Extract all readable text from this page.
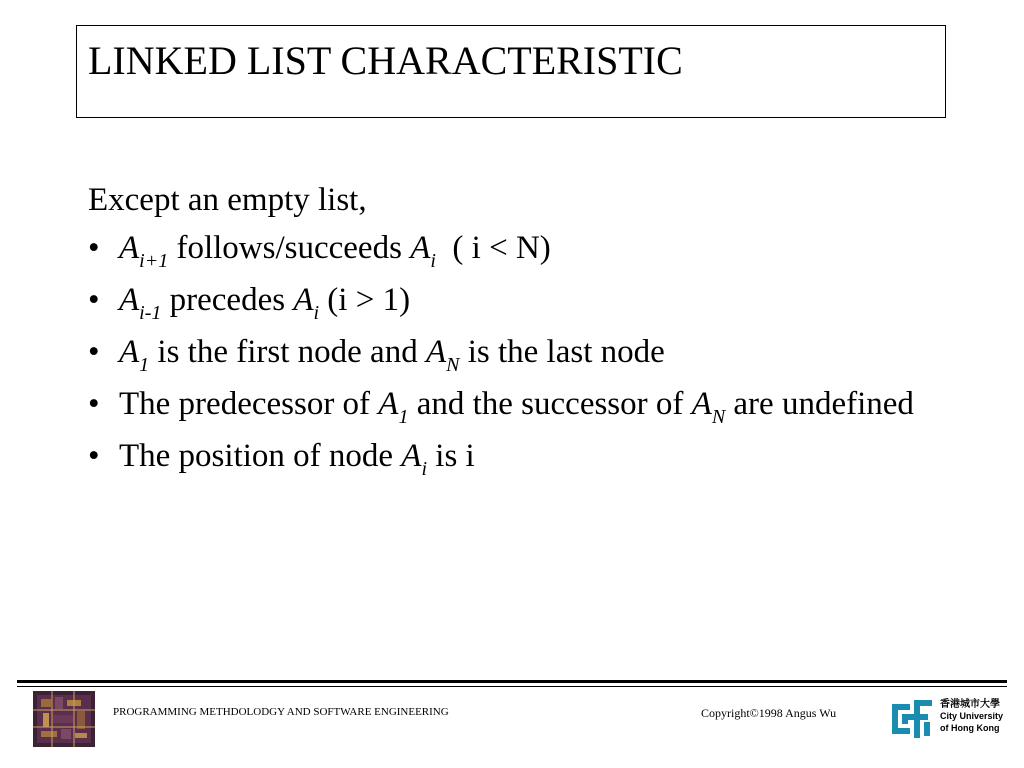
LINKED LIST CHARACTERISTIC
Except an empty list,
• $A_{i+1}$ follows/succeeds $A_i$  ( i < N)
• $A_{i-1}$ precedes $A_i$ (i > 1)
• $A_1$ is the first node and $A_N$ is the last node
• The predecessor of $A_1$ and the successor of $A_N$ are undefined
• The position of node $A_i$ is i
PROGRAMMING METHDOLODGY AND SOFTWARE ENGINEERING	Copyright©1998 Angus Wu
香港城市大學
City University
of Hong Kong
